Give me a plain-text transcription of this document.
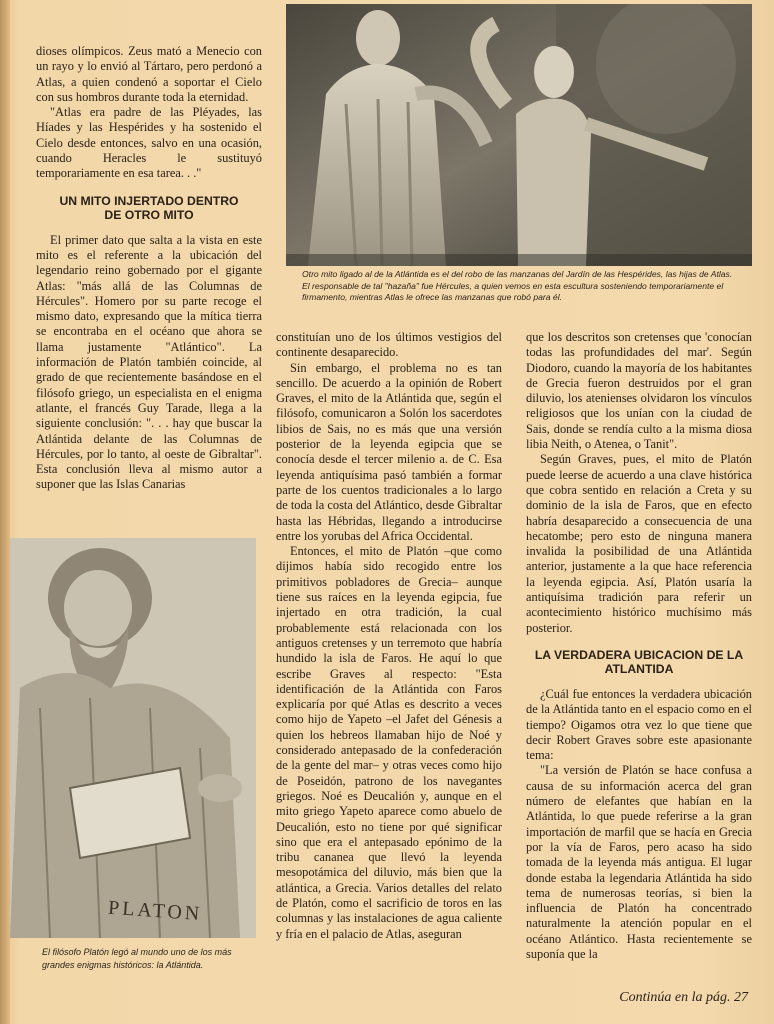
dioses olímpicos. Zeus mató a Menecio con un rayo y lo envió al Tártaro, pero perdonó a Atlas, a quien condenó a soportar el Cielo con sus hombros durante toda la eternidad.

"Atlas era padre de las Pléyades, las Híades y las Hespérides y ha sostenido el Cielo desde entonces, salvo en una ocasión, cuando Heracles le sustituyó temporariamente en esa tarea. . ."

UN MITO INJERTADO DENTRO
DE OTRO MITO

El primer dato que salta a la vista en este mito es el referente a la ubicación del legendario reino gobernado por el gigante Atlas: "más allá de las Columnas de Hércules". Homero por su parte recoge el mismo dato, expresando que la mítica tierra se encontraba en el océano que ahora se llama justamente "Atlántico". La información de Platón también coincide, al grado de que recientemente basándose en el filósofo griego, un especialista en el enigma atlante, el francés Guy Tarade, llega a la siguiente conclusión: ". . . hay que buscar la Atlántida delante de las Columnas de Hércules, por lo tanto, al oeste de Gibraltar". Esta conclusión lleva al mismo autor a suponer que las Islas Canarias

Otro mito ligado al de la Atlántida es el del robo de las manzanas del Jardín de las Hespérides, las hijas de Atlas. El responsable de tal "hazaña" fue Hércules, a quien vemos en esta escultura sosteniendo temporariamente el firmamento, mientras Atlas le ofrece las manzanas que robó para él.
PLATON
El filósofo Platón legó al mundo uno de los más grandes enigmas históricos: la Atlántida.

constituían uno de los últimos vestigios del continente desaparecido.

Sin embargo, el problema no es tan sencillo. De acuerdo a la opinión de Robert Graves, el mito de la Atlántida que, según el filósofo, comunicaron a Solón los sacerdotes libios de Sais, no es más que una versión posterior de la leyenda egipcia que se conocía desde el tercer milenio a. de C. Esa leyenda antiquísima pasó también a formar parte de los cuentos tradicionales a lo largo de toda la costa del Atlántico, desde Gibraltar hasta las Hébridas, llegando a introducirse entre los yorubas del Africa Occidental.

Entonces, el mito de Platón –que como dijimos había sido recogido entre los primitivos pobladores de Grecia– aunque tiene sus raíces en la leyenda egipcia, fue injertado en otra tradición, la cual probablemente está relacionada con los antiguos cretenses y un terremoto que habría hundido la isla de Faros. He aquí lo que escribe Graves al respecto: "Esta identificación de la Atlántida con Faros explicaría por qué Atlas es descrito a veces como hijo de Yapeto –el Jafet del Génesis a quien los hebreos llamaban hijo de Noé y considerado antepasado de la confederación de la gente del mar– y otras veces como hijo de Poseidón, patrono de los navegantes griegos. Noé es Deucalión y, aunque en el mito griego Yapeto aparece como abuelo de Deucalión, esto no tiene por qué significar sino que era el antepasado epónimo de la tribu cananea que llevó la leyenda mesopotámica del diluvio, más bien que la atlántica, a Grecia. Varios detalles del relato de Platón, como el sacrificio de toros en las columnas y las instalaciones de agua caliente y fría en el palacio de Atlas, aseguran

que los descritos son cretenses que 'conocían todas las profundidades del mar'. Según Diodoro, cuando la mayoría de los habitantes de Grecia fueron destruidos por el gran diluvio, los atenienses olvidaron los vínculos religiosos que los unían con la ciudad de Sais, donde se rendía culto a la misma diosa libia Neith, o Atenea, o Tanit".

Según Graves, pues, el mito de Platón puede leerse de acuerdo a una clave histórica que cobra sentido en relación a Creta y su dominio de la isla de Faros, que en efecto habría desaparecido a consecuencia de una hecatombe; pero esto de ninguna manera invalida la posibilidad de una Atlántida anterior, justamente a la que hace referencia la leyenda egipcia. Así, Platón usaría la antiquísima tradición para referir un acontecimiento histórico muchísimo más posterior.

LA VERDADERA UBICACION DE LA
ATLANTIDA

¿Cuál fue entonces la verdadera ubicación de la Atlántida tanto en el espacio como en el tiempo? Oigamos otra vez lo que tiene que decir Robert Graves sobre este apasionante tema:

"La versión de Platón se hace confusa a causa de su información acerca del gran número de elefantes que habían en la Atlántida, lo que puede referirse a la gran importación de marfil que se hacía en Grecia por la vía de Faros, pero acaso ha sido tomada de la leyenda más antigua. El lugar donde estaba la legendaria Atlántida ha sido tema de numerosas teorías, si bien la influencia de Platón ha concentrado naturalmente la atención popular en el océano Atlántico. Hasta recientemente se suponía que la

Continúa en la pág. 27
